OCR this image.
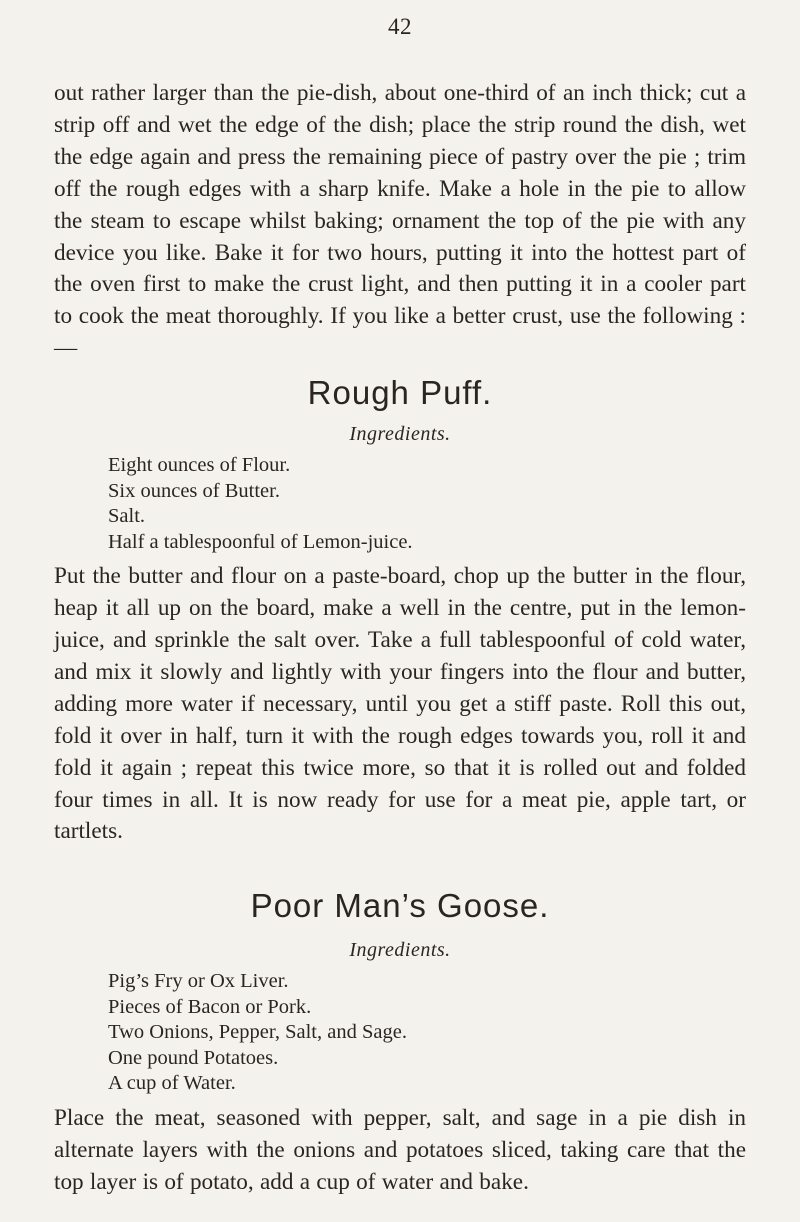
42

out rather larger than the pie-dish, about one-third of an inch thick; cut a strip off and wet the edge of the dish; place the strip round the dish, wet the edge again and press the remaining piece of pastry over the pie ; trim off the rough edges with a sharp knife. Make a hole in the pie to allow the steam to escape whilst baking; ornament the top of the pie with any device you like. Bake it for two hours, putting it into the hottest part of the oven first to make the crust light, and then putting it in a cooler part to cook the meat thoroughly. If you like a better crust, use the following :—

Rough Puff.

Ingredients.

Eight ounces of Flour.
Six ounces of Butter.
Salt.
Half a tablespoonful of Lemon-juice.

Put the butter and flour on a paste-board, chop up the butter in the flour, heap it all up on the board, make a well in the centre, put in the lemon-juice, and sprinkle the salt over. Take a full tablespoonful of cold water, and mix it slowly and lightly with your fingers into the flour and butter, adding more water if necessary, until you get a stiff paste. Roll this out, fold it over in half, turn it with the rough edges towards you, roll it and fold it again ; repeat this twice more, so that it is rolled out and folded four times in all. It is now ready for use for a meat pie, apple tart, or tartlets.

Poor Man’s Goose.

Ingredients.

Pig’s Fry or Ox Liver.
Pieces of Bacon or Pork.
Two Onions, Pepper, Salt, and Sage.
One pound Potatoes.
A cup of Water.

Place the meat, seasoned with pepper, salt, and sage in a pie dish in alternate layers with the onions and potatoes sliced, taking care that the top layer is of potato, add a cup of water and bake.
